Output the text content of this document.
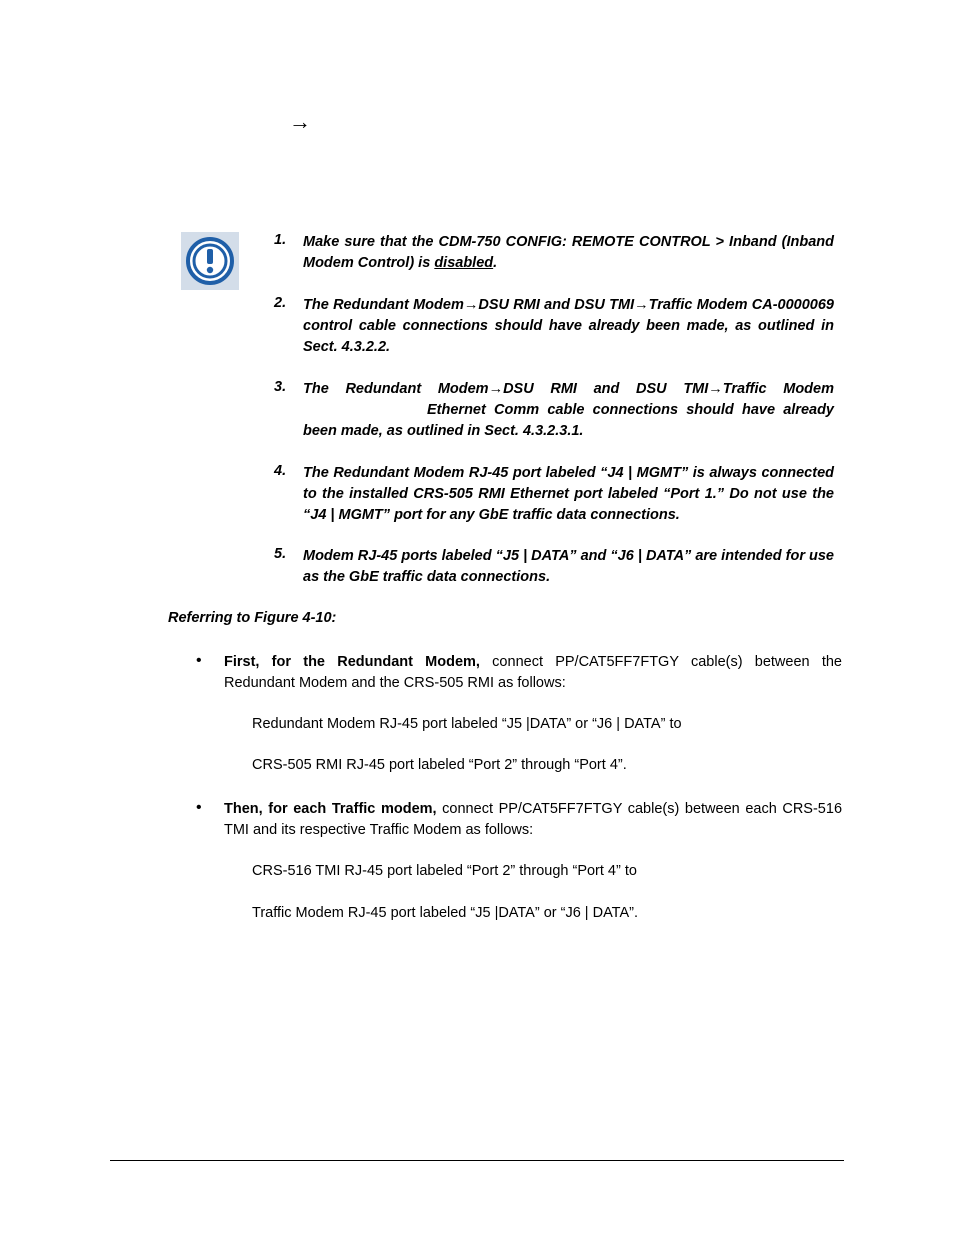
→
1. Make sure that the CDM-750 CONFIG: REMOTE CONTROL > Inband (Inband Modem Control) is disabled.
2. The Redundant Modem→DSU RMI and DSU TMI→Traffic Modem CA-0000069 control cable connections should have already been made, as outlined in Sect. 4.3.2.2.
3. The Redundant Modem→DSU RMI and DSU TMI→Traffic Modem
Ethernet Comm cable connections should have already
been made, as outlined in Sect. 4.3.2.3.1.
4. The Redundant Modem RJ-45 port labeled “J4 | MGMT” is always connected to the installed CRS-505 RMI Ethernet port labeled “Port 1.” Do not use the “J4 | MGMT” port for any GbE traffic data connections.
5. Modem RJ-45 ports labeled “J5 | DATA” and “J6 | DATA” are intended for use as the GbE traffic data connections.
Referring to Figure 4-10:
• First, for the Redundant Modem, connect PP/CAT5FF7FTGY cable(s) between the Redundant Modem and the CRS-505 RMI as follows:
Redundant Modem RJ-45 port labeled “J5 |DATA” or “J6 | DATA” to
CRS-505 RMI RJ-45 port labeled “Port 2” through “Port 4”.
• Then, for each Traffic modem, connect PP/CAT5FF7FTGY cable(s) between each CRS-516 TMI and its respective Traffic Modem as follows:
CRS-516 TMI RJ-45 port labeled “Port 2” through “Port 4” to
Traffic Modem RJ-45 port labeled “J5 |DATA” or “J6 | DATA”.
